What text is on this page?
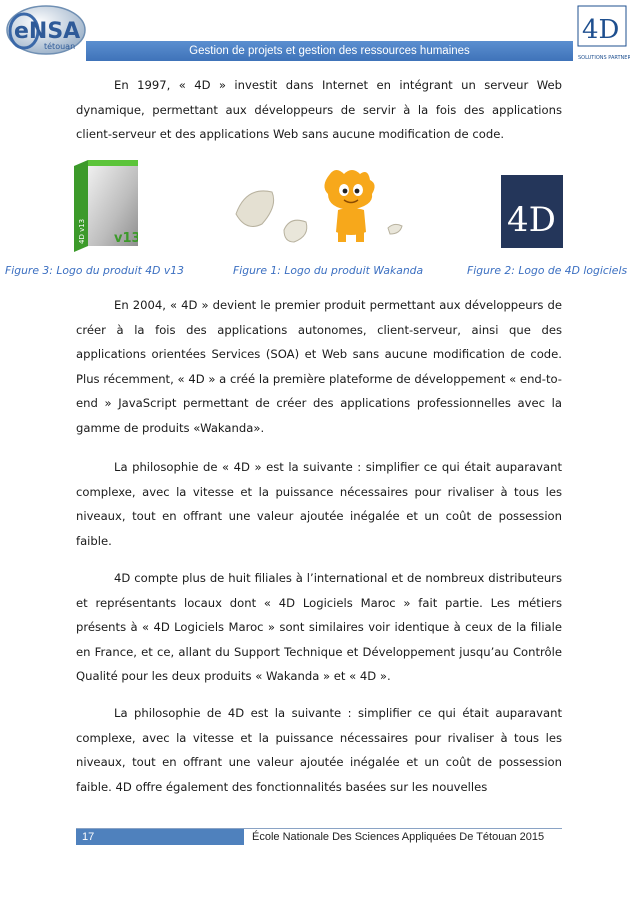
eNSA
tétouan	Gestion de projets et gestion des ressources humaines
4D
SOLUTIONS PARTNER

En 1997, « 4D » investit dans Internet en intégrant un serveur Web dynamique, permettant aux développeurs de servir à la fois des applications client-serveur et des applications Web sans aucune modification de code.

4D v13 v13	4D
Figure 3: Logo du produit 4D v13	Figure 1: Logo du produit Wakanda	Figure 2: Logo de 4D logiciels

En 2004, « 4D » devient le premier produit permettant aux développeurs de créer à la fois des applications autonomes, client-serveur, ainsi que des applications orientées Services (SOA) et Web sans aucune modification de code. Plus récemment, « 4D » a créé la première plateforme de développement « end-to-end » JavaScript permettant de créer des applications professionnelles avec la gamme de produits «Wakanda».

La philosophie de « 4D » est la suivante : simplifier ce qui était auparavant complexe, avec la vitesse et la puissance nécessaires pour rivaliser à tous les niveaux, tout en offrant une valeur ajoutée inégalée et un coût de possession faible.

4D compte plus de huit filiales à l’international et de nombreux distributeurs et représentants locaux dont « 4D Logiciels Maroc » fait partie. Les métiers présents à « 4D Logiciels Maroc » sont similaires voir identique à ceux de la filiale en France, et ce, allant du Support Technique et Développement jusqu’au Contrôle Qualité pour les deux produits « Wakanda » et « 4D ».

La philosophie de 4D est la suivante : simplifier ce qui était auparavant complexe, avec la vitesse et la puissance nécessaires pour rivaliser à tous les niveaux, tout en offrant une valeur ajoutée inégalée et un coût de possession faible. 4D offre également des fonctionnalités basées sur les nouvelles

17	École Nationale Des Sciences Appliquées De Tétouan 2015
